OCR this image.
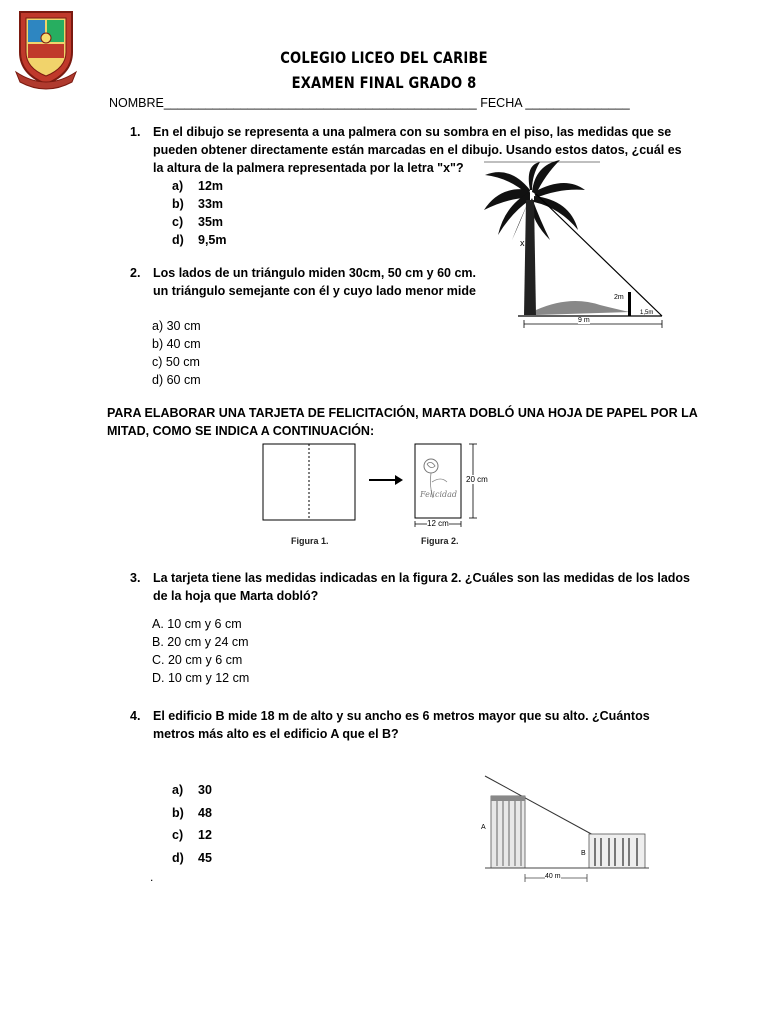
COLEGIO LICEO DEL CARIBE
EXAMEN FINAL GRADO 8
NOMBRE_____________________________________________ FECHA _______________
1. En el dibujo se representa a una palmera con su sombra en el piso, las medidas que se
pueden obtener directamente están marcadas en el dibujo. Usando estos datos, ¿cuál es
la altura de la palmera representada por la letra "x"?
a) 12m
b) 33m
c) 35m
d) 9,5m	x
2m
1,5m
9 m
2. Los lados de un triángulo miden 30cm, 50 cm y 60 cm.
un triángulo semejante con él y cuyo lado menor mide
a) 30 cm
b) 40 cm
c) 50 cm
d) 60 cm
PARA ELABORAR UNA TARJETA DE FELICITACIÓN, MARTA DOBLÓ UNA HOJA DE PAPEL POR LA
MITAD, COMO SE INDICA A CONTINUACIÓN:
Felicidad
20 cm
12 cm
Figura 1.	Figura 2.
3. La tarjeta tiene las medidas indicadas en la figura 2. ¿Cuáles son las medidas de los lados
de la hoja que Marta dobló?
A. 10 cm y 6 cm
B. 20 cm y 24 cm
C. 20 cm y 6 cm
D. 10 cm y 12 cm
4. El edificio B mide 18 m de alto y su ancho es 6 metros mayor que su alto. ¿Cuántos
metros más alto es el edificio A que el B?
a) 30
b) 48
c) 12
d) 45
.
A
B
40 m
